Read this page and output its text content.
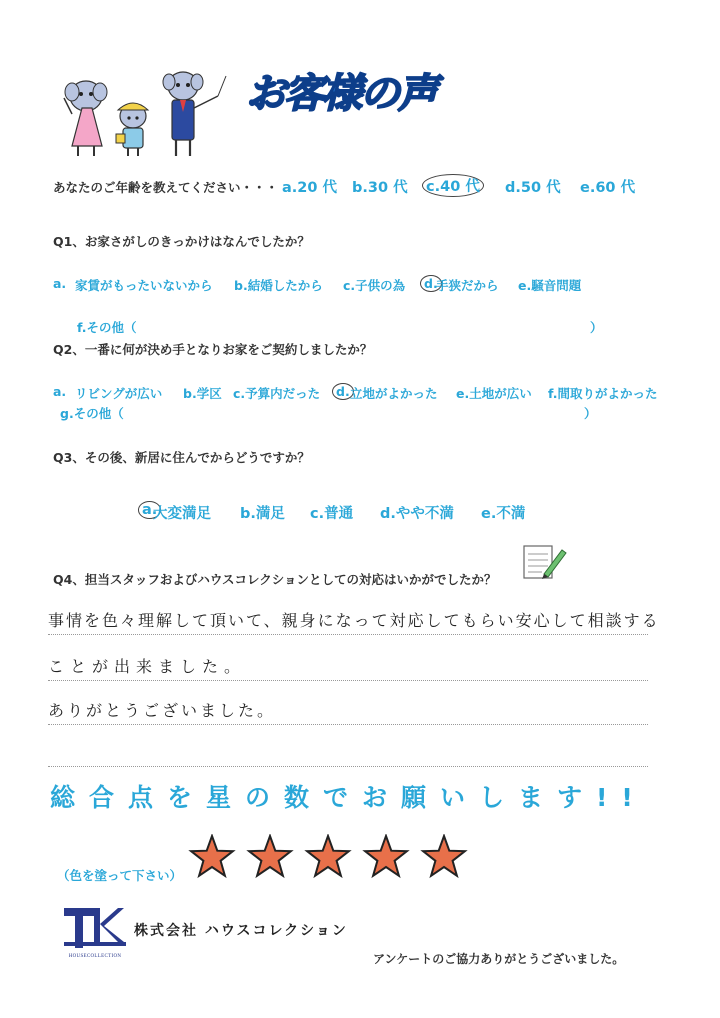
お客様の声
あなたのご年齢を教えてください・・・ a.20 代 b.30 代 c.40 代 d.50 代 e.60 代
Q1、お家さがしのきっかけはなんでしたか？
a. 家賃がもったいないから b.結婚したから c.子供の為 d.
手狭だから e.騒音問題
f.その他（	）
Q2、一番に何が決め手となりお家をご契約しましたか？
a. リビングが広い b.学区 c.予算内だった d. 立地がよかった e.土地が広い f.間取りがよかった
g.その他（	）
Q3、その後、新居に住んでからどうですか？
a.
大変満足 b.満足 c.普通 d.やや不満 e.不満
Q4、担当スタッフおよびハウスコレクションとしての対応はいかがでしたか？
事情を色々理解して頂いて、親身になって対応してもらい安心して相談する
ことが出来ました。
ありがとうございました。
総合点を星の数でお願いします!!
（色を塗って下さい）
HOUSECOLLECTION
株式会社 ハウスコレクション
アンケートのご協力ありがとうございました。
